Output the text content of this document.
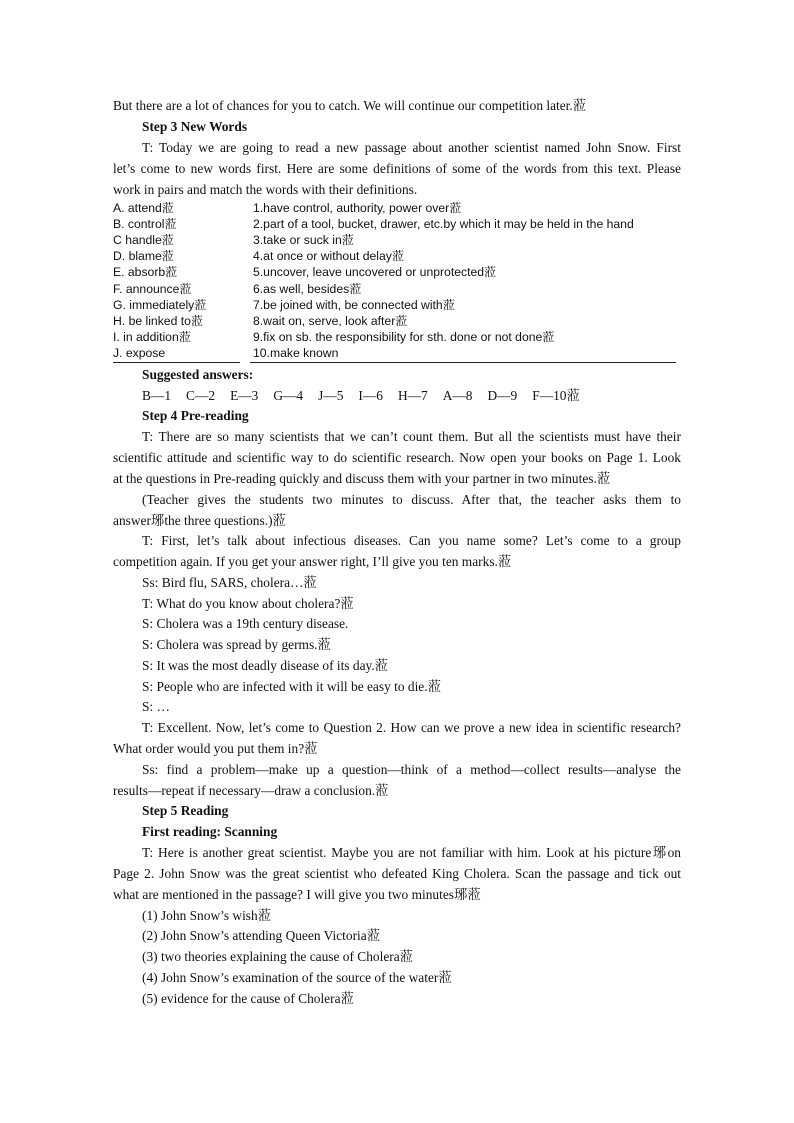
But there are a lot of chances for you to catch. We will continue our competition later.蒞
Step 3 New Words
T: Today we are going to read a new passage about another scientist named John Snow. First
let’s come to new words first. Here are some definitions of some of the words from this text. Please
work in pairs and match the words with their definitions.
A. attend蒞	1.have control, authority, power over蒞
B. control蒞	2.part of a tool, bucket, drawer, etc.by which it may be held in the hand
C handle蒞	3.take or suck in蒞
D. blame蒞	4.at once or without delay蒞
E. absorb蒞	5.uncover, leave uncovered or unprotected蒞
F. announce蒞	6.as well, besides蒞
G. immediately蒞	7.be joined with, be connected with蒞
H. be linked to蒞	8.wait on, serve, look after蒞
I. in addition蒞	9.fix on sb. the responsibility for sth. done or not done蒞
J. expose	10.make known
Suggested answers:
B—1 C—2 E—3 G—4 J—5 I—6 H—7 A—8 D—9 F—10蒞
Step 4 Pre-reading
T: There are so many scientists that we can’t count them. But all the scientists must have their
scientific attitude and scientific way to do scientific research. Now open your books on Page 1. Look
at the questions in Pre-reading quickly and discuss them with your partner in two minutes.蒞
(Teacher gives the students two minutes to discuss. After that, the teacher asks them to
answer琊the three questions.)蒞
T: First, let’s talk about infectious diseases. Can you name some? Let’s come to a group
competition again. If you get your answer right, I’ll give you ten marks.蒞
Ss: Bird flu, SARS, cholera…蒞
T: What do you know about cholera?蒞
S: Cholera was a 19th century disease.
S: Cholera was spread by germs.蒞
S: It was the most deadly disease of its day.蒞
S: People who are infected with it will be easy to die.蒞
S: …
T: Excellent. Now, let’s come to Question 2. How can we prove a new idea in scientific research?
What order would you put them in?蒞
Ss: find a problem—make up a question—think of a method—collect results—analyse the
results—repeat if necessary—draw a conclusion.蒞
Step 5 Reading
First reading: Scanning
T: Here is another great scientist. Maybe you are not familiar with him. Look at his picture琊on
Page 2. John Snow was the great scientist who defeated King Cholera. Scan the passage and tick out
what are mentioned in the passage? I will give you two minutes琊蒞
(1) John Snow’s wish蒞
(2) John Snow’s attending Queen Victoria蒞
(3) two theories explaining the cause of Cholera蒞
(4) John Snow’s examination of the source of the water蒞
(5) evidence for the cause of Cholera蒞
